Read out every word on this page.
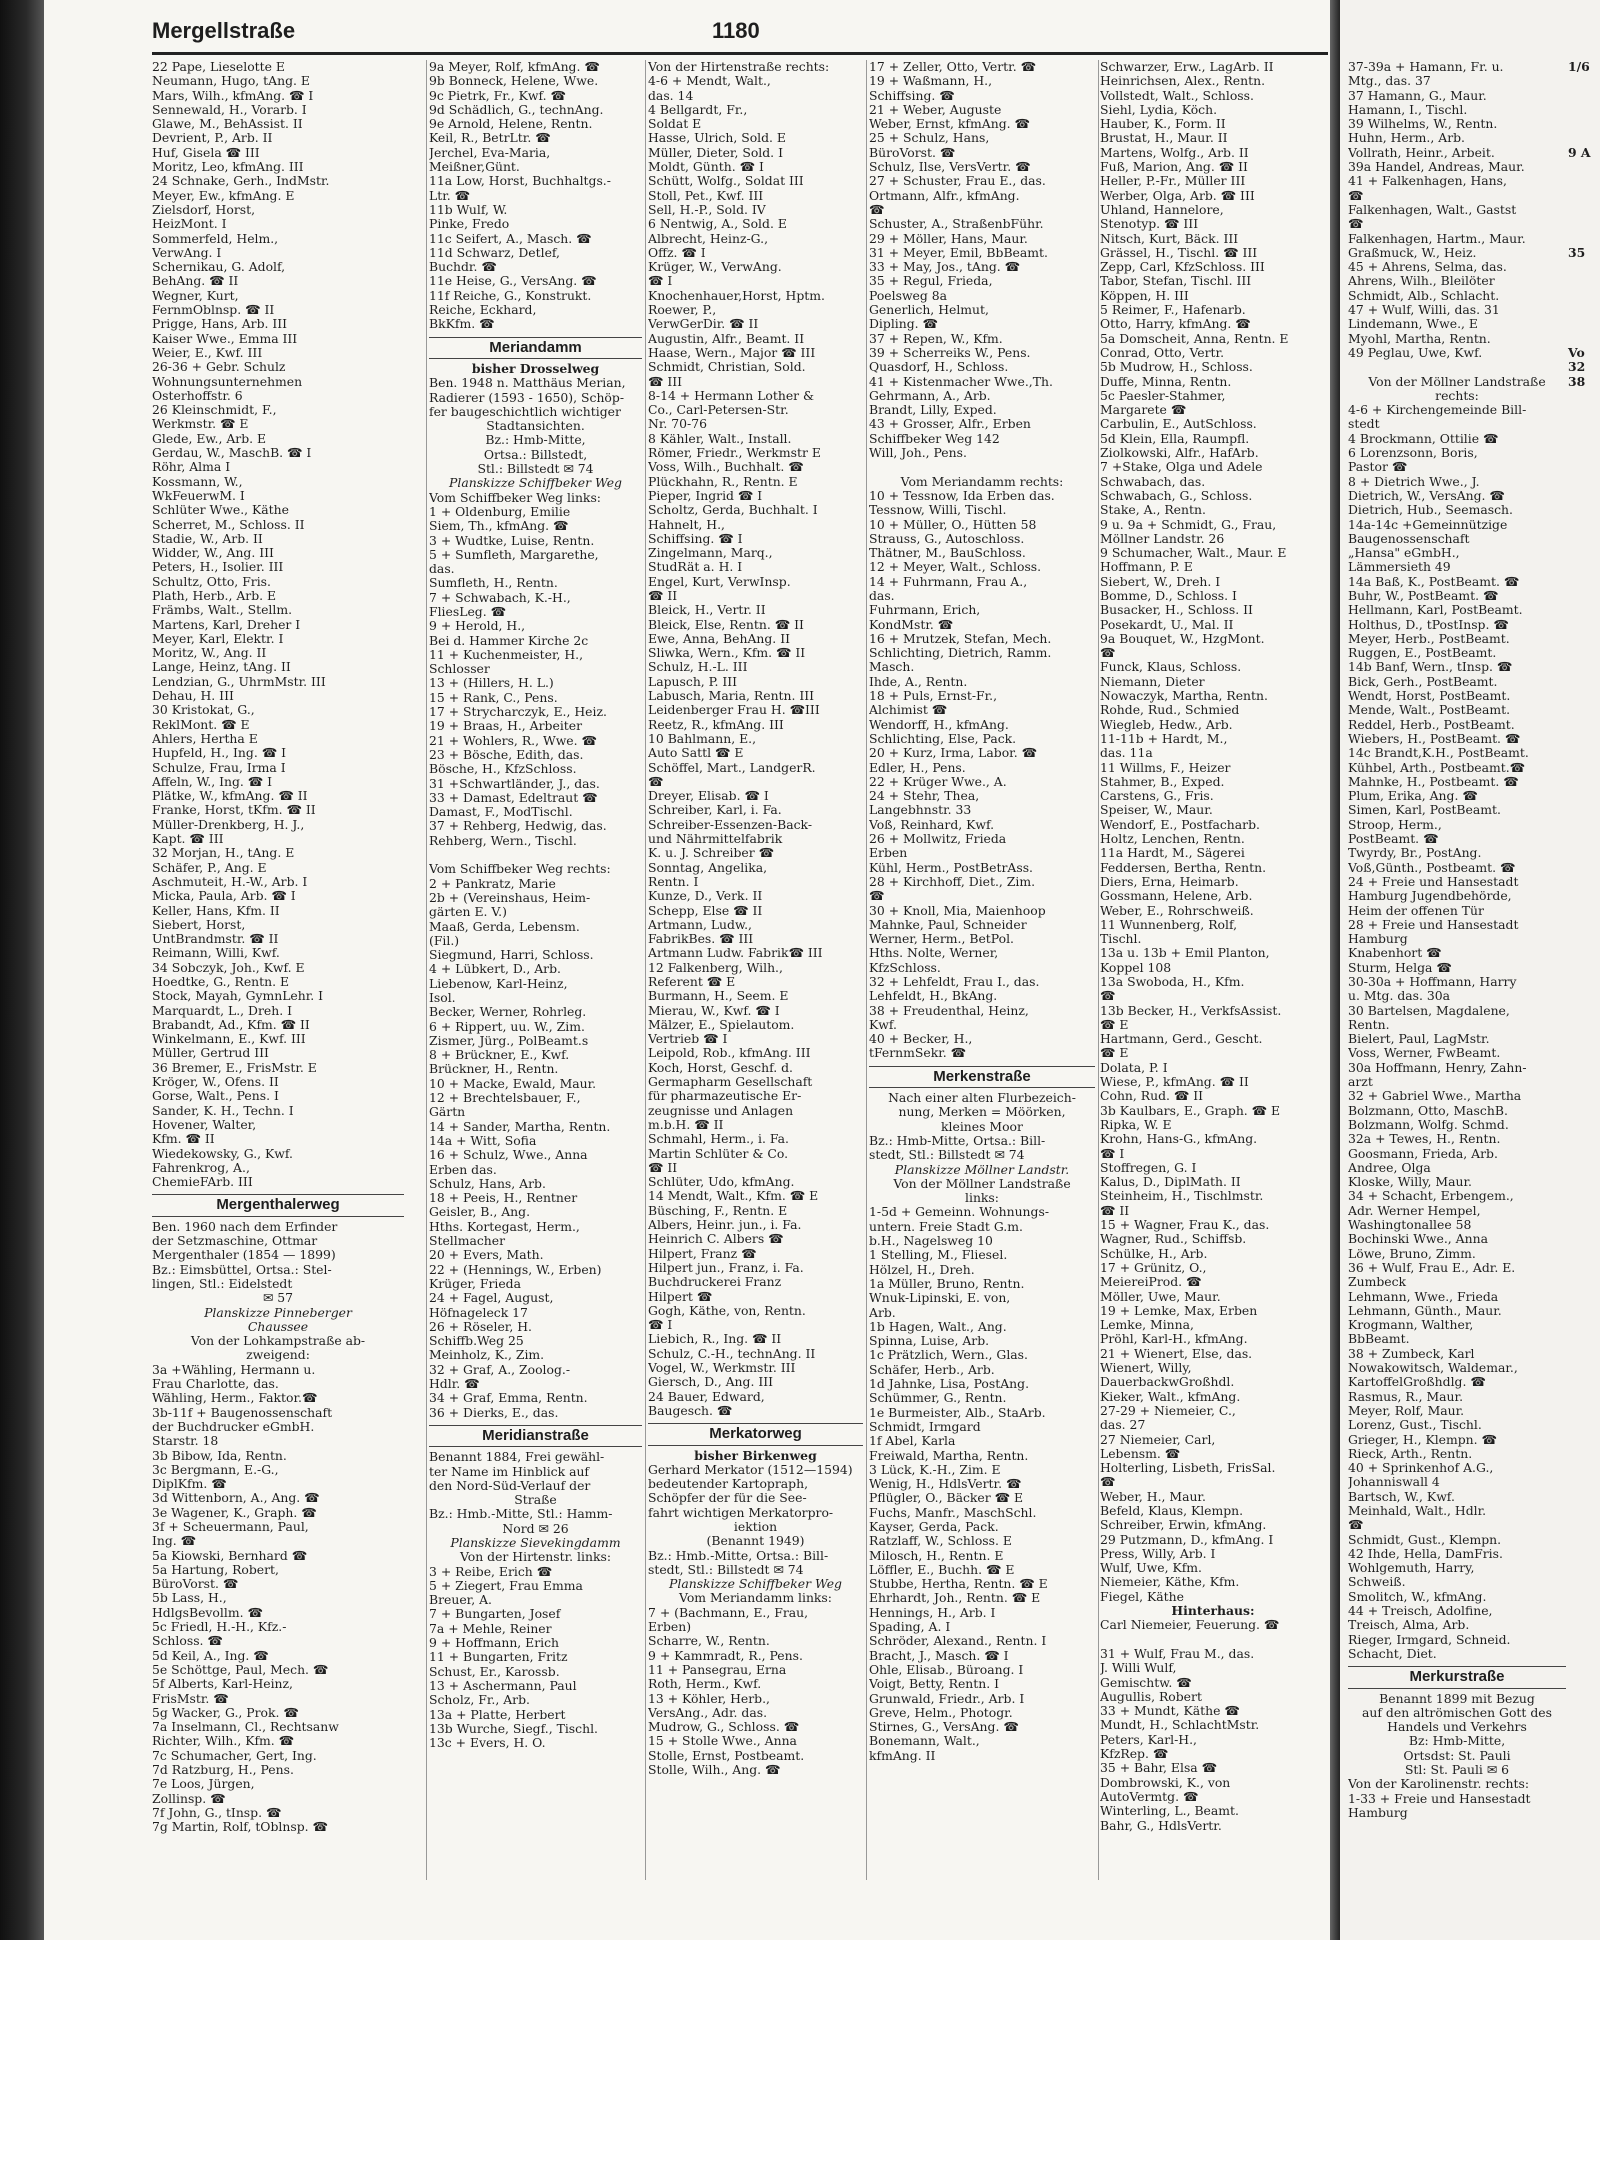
Mergellstraße	1180
22 Pape, Lieselotte E
Neumann, Hugo, tAng. E
Mars, Wilh., kfmAng. ☎ I
Sennewald, H., Vorarb. I
Glawe, M., BehAssist. II
Devrient, P., Arb. II
Huf, Gisela ☎ III
Moritz, Leo, kfmAng. III
24 Schnake, Gerh., IndMstr.
Meyer, Ew., kfmAng. E
Zielsdorf, Horst,
HeizMont. I
Sommerfeld, Helm.,
VerwAng. I
Schernikau, G. Adolf,
BehAng. ☎ II
Wegner, Kurt,
FernmOblnsp. ☎ II
Prigge, Hans, Arb. III
Kaiser Wwe., Emma III
Weier, E., Kwf. III
26-36 + Gebr. Schulz
Wohnungsunternehmen
Osterhoffstr. 6
26 Kleinschmidt, F.,
Werkmstr. ☎ E
Glede, Ew., Arb. E
Gerdau, W., MaschB. ☎ I
Röhr, Alma I
Kossmann, W.,
WkFeuerwM. I
Schlüter Wwe., Käthe
Scherret, M., Schloss. II
Stadie, W., Arb. II
Widder, W., Ang. III
Peters, H., Isolier. III
Schultz, Otto, Fris.
Plath, Herb., Arb. E
Främbs, Walt., Stellm.
Martens, Karl, Dreher I
Meyer, Karl, Elektr. I
Moritz, W., Ang. II
Lange, Heinz, tAng. II
Lendzian, G., UhrmMstr. III
Dehau, H. III
30 Kristokat, G.,
ReklMont. ☎ E
Ahlers, Hertha E
Hupfeld, H., Ing. ☎ I
Schulze, Frau, Irma I
Affeln, W., Ing. ☎ I
Plätke, W., kfmAng. ☎ II
Franke, Horst, tKfm. ☎ II
Müller-Drenkberg, H. J.,
Kapt. ☎ III
32 Morjan, H., tAng. E
Schäfer, P., Ang. E
Aschmuteit, H.-W., Arb. I
Micka, Paula, Arb. ☎ I
Keller, Hans, Kfm. II
Siebert, Horst,
UntBrandmstr. ☎ II
Reimann, Willi, Kwf.
34 Sobczyk, Joh., Kwf. E
Hoedtke, G., Rentn. E
Stock, Mayah, GymnLehr. I
Marquardt, L., Dreh. I
Brabandt, Ad., Kfm. ☎ II
Winkelmann, E., Kwf. III
Müller, Gertrud III
36 Bremer, E., FrisMstr. E
Kröger, W., Ofens. II
Gorse, Walt., Pens. I
Sander, K. H., Techn. I
Hovener, Walter,
Kfm. ☎ II
Wiedekowsky, G., Kwf.
Fahrenkrog, A.,
ChemieFArb. III
Mergenthalerweg
Ben. 1960 nach dem Erfinder
der Setzmaschine, Ottmar
Mergenthaler (1854 — 1899)
Bz.: Eimsbüttel, Ortsa.: Stel-
lingen, Stl.: Eidelstedt
✉ 57
Planskizze Pinneberger
Chaussee
Von der Lohkampstraße ab-
zweigend:
3a +Wähling, Hermann u.
Frau Charlotte, das.
Wähling, Herm., Faktor.☎
3b-11f + Baugenossenschaft
der Buchdrucker eGmbH.
Starstr. 18
3b Bibow, Ida, Rentn.
3c Bergmann, E.-G.,
DiplKfm. ☎
3d Wittenborn, A., Ang. ☎
3e Wagener, K., Graph. ☎
3f + Scheuermann, Paul,
Ing. ☎
5a Kiowski, Bernhard ☎
5a Hartung, Robert,
BüroVorst. ☎
5b Lass, H.,
HdlgsBevollm. ☎
5c Friedl, H.-H., Kfz.-
Schloss. ☎
5d Keil, A., Ing. ☎
5e Schöttge, Paul, Mech. ☎
5f Alberts, Karl-Heinz,
FrisMstr. ☎
5g Wacker, G., Prok. ☎
7a Inselmann, Cl., Rechtsanw
Richter, Wilh., Kfm. ☎
7c Schumacher, Gert, Ing.
7d Ratzburg, H., Pens.
7e Loos, Jürgen,
Zollinsp. ☎
7f John, G., tInsp. ☎
7g Martin, Rolf, tOblnsp. ☎
9a Meyer, Rolf, kfmAng. ☎
9b Bonneck, Helene, Wwe.
9c Pietrk, Fr., Kwf. ☎
9d Schädlich, G., technAng.
9e Arnold, Helene, Rentn.
Keil, R., BetrLtr. ☎
Jerchel, Eva-Maria,
Meißner,Günt.
11a Low, Horst, Buchhaltgs.-
Ltr. ☎
11b Wulf, W.
Pinke, Fredo
11c Seifert, A., Masch. ☎
11d Schwarz, Detlef,
Buchdr. ☎
11e Heise, G., VersAng. ☎
11f Reiche, G., Konstrukt.
Reiche, Eckhard,
BkKfm. ☎
Meriandamm
bisher Drosselweg
Ben. 1948 n. Matthäus Merian,
Radierer (1593 - 1650), Schöp-
fer baugeschichtlich wichtiger
Stadtansichten.
Bz.: Hmb-Mitte,
Ortsa.: Billstedt,
Stl.: Billstedt ✉ 74
Planskizze Schiffbeker Weg
Vom Schiffbeker Weg links:
1 + Oldenburg, Emilie
Siem, Th., kfmAng. ☎
3 + Wudtke, Luise, Rentn.
5 + Sumfleth, Margarethe,
das.
Sumfleth, H., Rentn.
7 + Schwabach, K.-H.,
FliesLeg. ☎
9 + Herold, H.,
Bei d. Hammer Kirche 2c
11 + Kuchenmeister, H.,
Schlosser
13 + (Hillers, H. L.)
15 + Rank, C., Pens.
17 + Strycharczyk, E., Heiz.
19 + Braas, H., Arbeiter
21 + Wohlers, R., Wwe. ☎
23 + Bösche, Edith, das.
Bösche, H., KfzSchloss.
31 +Schwartländer, J., das.
33 + Damast, Edeltraut ☎
Damast, F., ModTischl.
37 + Rehberg, Hedwig, das.
Rehberg, Wern., Tischl.

Vom Schiffbeker Weg rechts:
2 + Pankratz, Marie
2b + (Vereinshaus, Heim-
gärten E. V.)
Maaß, Gerda, Lebensm.
(Fil.)
Siegmund, Harri, Schloss.
4 + Lübkert, D., Arb.
Liebenow, Karl-Heinz,
Isol.
Becker, Werner, Rohrleg.
6 + Rippert, uu. W., Zim.
Zismer, Jürg., PolBeamt.s
8 + Brückner, E., Kwf.
Brückner, H., Rentn.
10 + Macke, Ewald, Maur.
12 + Brechtelsbauer, F.,
Gärtn
14 + Sander, Martha, Rentn.
14a + Witt, Sofia
16 + Schulz, Wwe., Anna
Erben das.
Schulz, Hans, Arb.
18 + Peeis, H., Rentner
Geisler, B., Ang.
Hths. Kortegast, Herm.,
Stellmacher
20 + Evers, Math.
22 + (Hennings, W., Erben)
Krüger, Frieda
24 + Fagel, August,
Höfnageleck 17
26 + Röseler, H.
Schiffb.Weg 25
Meinholz, K., Zim.
32 + Graf, A., Zoolog.-
Hdlr. ☎
34 + Graf, Emma, Rentn.
36 + Dierks, E., das.
Meridianstraße
Benannt 1884, Frei gewähl-
ter Name im Hinblick auf
den Nord-Süd-Verlauf der
Straße
Bz.: Hmb.-Mitte, Stl.: Hamm-
Nord ✉ 26
Planskizze Sievekingdamm
Von der Hirtenstr. links:
3 + Reibe, Erich ☎
5 + Ziegert, Frau Emma
Breuer, A.
7 + Bungarten, Josef
7a + Mehle, Reiner
9 + Hoffmann, Erich
11 + Bungarten, Fritz
Schust, Er., Karossb.
13 + Aschermann, Paul
Scholz, Fr., Arb.
13a + Platte, Herbert
13b Wurche, Siegf., Tischl.
13c + Evers, H. O.
Von der Hirtenstraße rechts:
4-6 + Mendt, Walt.,
das. 14
4 Bellgardt, Fr.,
Soldat E
Hasse, Ulrich, Sold. E
Müller, Dieter, Sold. I
Moldt, Günth. ☎ I
Schütt, Wolfg., Soldat III
Stoll, Pet., Kwf. III
Sell, H.-P., Sold. IV
6 Nentwig, A., Sold. E
Albrecht, Heinz-G.,
Offz. ☎ I
Krüger, W., VerwAng.
☎ I
Knochenhauer,Horst, Hptm.
Roewer, P.,
VerwGerDir. ☎ II
Augustin, Alfr., Beamt. II
Haase, Wern., Major ☎ III
Schmidt, Christian, Sold.
☎ III
8-14 + Hermann Lother &
Co., Carl-Petersen-Str.
Nr. 70-76
8 Kähler, Walt., Install.
Römer, Friedr., Werkmstr E
Voss, Wilh., Buchhalt. ☎
Plückhahn, R., Rentn. E
Pieper, Ingrid ☎ I
Scholtz, Gerda, Buchhalt. I
Hahnelt, H.,
Schiffsing. ☎ I
Zingelmann, Marq.,
StudRät a. H. I
Engel, Kurt, VerwInsp.
☎ II
Bleick, H., Vertr. II
Bleick, Else, Rentn. ☎ II
Ewe, Anna, BehAng. II
Sliwka, Wern., Kfm. ☎ II
Schulz, H.-L. III
Lapusch, P. III
Labusch, Maria, Rentn. III
Leidenberger Frau H. ☎III
Reetz, R., kfmAng. III
10 Bahlmann, E.,
Auto Sattl ☎ E
Schöffel, Mart., LandgerR.
☎
Dreyer, Elisab. ☎ I
Schreiber, Karl, i. Fa.
Schreiber-Essenzen-Back-
und Nährmittelfabrik
K. u. J. Schreiber ☎
Sonntag, Angelika,
Rentn. I
Kunze, D., Verk. II
Schepp, Else ☎ II
Artmann, Ludw.,
FabrikBes. ☎ III
Artmann Ludw. Fabrik☎ III
12 Falkenberg, Wilh.,
Referent ☎ E
Burmann, H., Seem. E
Mierau, W., Kwf. ☎ I
Mälzer, E., Spielautom.
Vertrieb ☎ I
Leipold, Rob., kfmAng. III
Koch, Horst, Geschf. d.
Germapharm Gesellschaft
für pharmazeutische Er-
zeugnisse und Anlagen
m.b.H. ☎ II
Schmahl, Herm., i. Fa.
Martin Schlüter & Co.
☎ II
Schlüter, Udo, kfmAng.
14 Mendt, Walt., Kfm. ☎ E
Büsching, F., Rentn. E
Albers, Heinr. jun., i. Fa.
Heinrich C. Albers ☎
Hilpert, Franz ☎
Hilpert jun., Franz, i. Fa.
Buchdruckerei Franz
Hilpert ☎
Gogh, Käthe, von, Rentn.
☎ I
Liebich, R., Ing. ☎ II
Schulz, C.-H., technAng. II
Vogel, W., Werkmstr. III
Giersch, D., Ang. III
24 Bauer, Edward,
Baugesch. ☎
Merkatorweg
bisher Birkenweg
Gerhard Merkator (1512—1594)
bedeutender Kartopraph,
Schöpfer der für die See-
fahrt wichtigen Merkatorpro-
iektion
(Benannt 1949)
Bz.: Hmb.-Mitte, Ortsa.: Bill-
stedt, Stl.: Billstedt ✉ 74
Planskizze Schiffbeker Weg
Vom Meriandamm links:
7 + (Bachmann, E., Frau,
Erben)
Scharre, W., Rentn.
9 + Kammradt, R., Pens.
11 + Pansegrau, Erna
Roth, Herm., Kwf.
13 + Köhler, Herb.,
VersAng., Adr. das.
Mudrow, G., Schloss. ☎
15 + Stolle Wwe., Anna
Stolle, Ernst, Postbeamt.
Stolle, Wilh., Ang. ☎
17 + Zeller, Otto, Vertr. ☎
19 + Waßmann, H.,
Schiffsing. ☎
21 + Weber, Auguste
Weber, Ernst, kfmAng. ☎
25 + Schulz, Hans,
BüroVorst. ☎
Schulz, Ilse, VersVertr. ☎
27 + Schuster, Frau E., das.
Ortmann, Alfr., kfmAng.
☎
Schuster, A., StraßenbFühr.
29 + Möller, Hans, Maur.
31 + Meyer, Emil, BbBeamt.
33 + May, Jos., tAng. ☎
35 + Regul, Frieda,
Poelsweg 8a
Generlich, Helmut,
Dipling. ☎
37 + Repen, W., Kfm.
39 + Scherreiks W., Pens.
Quasdorf, H., Schloss.
41 + Kistenmacher Wwe.,Th.
Gehrmann, A., Arb.
Brandt, Lilly, Exped.
43 + Grosser, Alfr., Erben
Schiffbeker Weg 142
Will, Joh., Pens.

Vom Meriandamm rechts:
10 + Tessnow, Ida Erben das.
Tessnow, Willi, Tischl.
10 + Müller, O., Hütten 58
Strauss, G., Autoschloss.
Thätner, M., BauSchloss.
12 + Meyer, Walt., Schloss.
14 + Fuhrmann, Frau A.,
das.
Fuhrmann, Erich,
KondMstr. ☎
16 + Mrutzek, Stefan, Mech.
Schlichting, Dietrich, Ramm.
Masch.
Ihde, A., Rentn.
18 + Puls, Ernst-Fr.,
Alchimist ☎
Wendorff, H., kfmAng.
Schlichting, Else, Pack.
20 + Kurz, Irma, Labor. ☎
Edler, H., Pens.
22 + Krüger Wwe., A.
24 + Stehr, Thea,
Langebhnstr. 33
Voß, Reinhard, Kwf.
26 + Mollwitz, Frieda
Erben
Kühl, Herm., PostBetrAss.
28 + Kirchhoff, Diet., Zim.
☎
30 + Knoll, Mia, Maienhoop
Mahnke, Paul, Schneider
Werner, Herm., BetPol.
Hths. Nolte, Werner,
KfzSchloss.
32 + Lehfeldt, Frau I., das.
Lehfeldt, H., BkAng.
38 + Freudenthal, Heinz,
Kwf.
40 + Becker, H.,
tFernmSekr. ☎
Merkenstraße
Nach einer alten Flurbezeich-
nung, Merken = Möörken,
kleines Moor
Bz.: Hmb-Mitte, Ortsa.: Bill-
stedt, Stl.: Billstedt ✉ 74
Planskizze Möllner Landstr.
Von der Möllner Landstraße
links:
1-5d + Gemeinn. Wohnungs-
untern. Freie Stadt G.m.
b.H., Nagelsweg 10
1 Stelling, M., Fliesel.
Hölzel, H., Dreh.
1a Müller, Bruno, Rentn.
Wnuk-Lipinski, E. von,
Arb.
1b Hagen, Walt., Ang.
Spinna, Luise, Arb.
1c Prätzlich, Wern., Glas.
Schäfer, Herb., Arb.
1d Jahnke, Lisa, PostAng.
Schümmer, G., Rentn.
1e Burmeister, Alb., StaArb.
Schmidt, Irmgard
1f Abel, Karla
Freiwald, Martha, Rentn.
3 Lück, K.-H., Zim. E
Wenig, H., HdlsVertr. ☎
Pflügler, O., Bäcker ☎ E
Fuchs, Manfr., MaschSchl.
Kayser, Gerda, Pack.
Ratzlaff, W., Schloss. E
Milosch, H., Rentn. E
Löffler, E., Buchh. ☎ E
Stubbe, Hertha, Rentn. ☎ E
Ehrhardt, Joh., Rentn. ☎ E
Hennings, H., Arb. I
Spading, A. I
Schröder, Alexand., Rentn. I
Bracht, J., Masch. ☎ I
Ohle, Elisab., Büroang. I
Voigt, Betty, Rentn. I
Grunwald, Friedr., Arb. I
Greve, Helm., Photogr.
Stirnes, G., VersAng. ☎
Bonemann, Walt.,
kfmAng. II
Schwarzer, Erw., LagArb. II
Heinrichsen, Alex., Rentn.
Vollstedt, Walt., Schloss.
Siehl, Lydia, Köch.
Hauber, K., Form. II
Brustat, H., Maur. II
Martens, Wolfg., Arb. II
Fuß, Marion, Ang. ☎ II
Heller, P.-Fr., Müller III
Werber, Olga, Arb. ☎ III
Uhland, Hannelore,
Stenotyp. ☎ III
Nitsch, Kurt, Bäck. III
Grässel, H., Tischl. ☎ III
Zepp, Carl, KfzSchloss. III
Tabor, Stefan, Tischl. III
Köppen, H. III
5 Reimer, F., Hafenarb.
Otto, Harry, kfmAng. ☎
5a Domscheit, Anna, Rentn. E
Conrad, Otto, Vertr.
5b Mudrow, H., Schloss.
Duffe, Minna, Rentn.
5c Paesler-Stahmer,
Margarete ☎
Carbulin, E., AutSchloss.
5d Klein, Ella, Raumpfl.
Ziolkowski, Alfr., HafArb.
7 +Stake, Olga und Adele
Schwabach, das.
Schwabach, G., Schloss.
Stake, A., Rentn.
9 u. 9a + Schmidt, G., Frau,
Möllner Landstr. 26
9 Schumacher, Walt., Maur. E
Hoffmann, P. E
Siebert, W., Dreh. I
Bomme, D., Schloss. I
Busacker, H., Schloss. II
Posekardt, U., Mal. II
9a Bouquet, W., HzgMont.
☎
Funck, Klaus, Schloss.
Niemann, Dieter
Nowaczyk, Martha, Rentn.
Rohde, Rud., Schmied
Wiegleb, Hedw., Arb.
11-11b + Hardt, M.,
das. 11a
11 Willms, F., Heizer
Stahmer, B., Exped.
Carstens, G., Fris.
Speiser, W., Maur.
Wendorf, E., Postfacharb.
Holtz, Lenchen, Rentn.
11a Hardt, M., Sägerei
Feddersen, Bertha, Rentn.
Diers, Erna, Heimarb.
Gossmann, Helene, Arb.
Weber, E., Rohrschweiß.
11 Wunnenberg, Rolf,
Tischl.
13a u. 13b + Emil Planton,
Koppel 108
13a Swoboda, H., Kfm.
☎
13b Becker, H., VerkfsAssist.
☎ E
Hartmann, Gerd., Gescht.
☎ E
Dolata, P. I
Wiese, P., kfmAng. ☎ II
Cohn, Rud. ☎ II
3b Kaulbars, E., Graph. ☎ E
Ripka, W. E
Krohn, Hans-G., kfmAng.
☎ I
Stoffregen, G. I
Kalus, D., DiplMath. II
Steinheim, H., Tischlmstr.
☎ II
15 + Wagner, Frau K., das.
Wagner, Rud., Schiffsb.
Schülke, H., Arb.
17 + Grünitz, O.,
MeiereiProd. ☎
Möller, Uwe, Maur.
19 + Lemke, Max, Erben
Lemke, Minna,
Pröhl, Karl-H., kfmAng.
21 + Wienert, Else, das.
Wienert, Willy,
DauerbackwGroßhdl.
Kieker, Walt., kfmAng.
27-29 + Niemeier, C.,
das. 27
27 Niemeier, Carl,
Lebensm. ☎
Holterling, Lisbeth, FrisSal.
☎
Weber, H., Maur.
Befeld, Klaus, Klempn.
Schreiber, Erwin, kfmAng.
29 Putzmann, D., kfmAng. I
Press, Willy, Arb. I
Wulf, Uwe, Kfm.
Niemeier, Käthe, Kfm.
Fiegel, Käthe
Hinterhaus:
Carl Niemeier, Feuerung. ☎

31 + Wulf, Frau M., das.
J. Willi Wulf,
Gemischtw. ☎
Augullis, Robert
33 + Mundt, Käthe ☎
Mundt, H., SchlachtMstr.
Peters, Karl-H.,
KfzRep. ☎
35 + Bahr, Elsa ☎
Dombrowski, K., von
AutoVermtg. ☎
Winterling, L., Beamt.
Bahr, G., HdlsVertr.
37-39a + Hamann, Fr. u.
Mtg., das. 37
37 Hamann, G., Maur.
Hamann, I., Tischl.
39 Wilhelms, W., Rentn.
Huhn, Herm., Arb.
Vollrath, Heinr., Arbeit.
39a Handel, Andreas, Maur.
41 + Falkenhagen, Hans,
☎
Falkenhagen, Walt., Gastst
☎
Falkenhagen, Hartm., Maur.
Graßmuck, W., Heiz.
45 + Ahrens, Selma, das.
Ahrens, Wilh., Bleilöter
Schmidt, Alb., Schlacht.
47 + Wulf, Willi, das. 31
Lindemann, Wwe., E
Myohl, Martha, Rentn.
49 Peglau, Uwe, Kwf.

Von der Möllner Landstraße
rechts:
4-6 + Kirchengemeinde Bill-
stedt
4 Brockmann, Ottilie ☎
6 Lorenzsonn, Boris,
Pastor ☎
8 + Dietrich Wwe., J.
Dietrich, W., VersAng. ☎
Dietrich, Hub., Seemasch.
14a-14c +Gemeinnützige
Baugenossenschaft
„Hansa" eGmbH.,
Lämmersieth 49
14a Baß, K., PostBeamt. ☎
Buhr, W., PostBeamt. ☎
Hellmann, Karl, PostBeamt.
Holthus, D., tPostInsp. ☎
Meyer, Herb., PostBeamt.
Ruggen, E., PostBeamt.
14b Banf, Wern., tInsp. ☎
Bick, Gerh., PostBeamt.
Wendt, Horst, PostBeamt.
Mende, Walt., PostBeamt.
Reddel, Herb., PostBeamt.
Wiebers, H., PostBeamt. ☎
14c Brandt,K.H., PostBeamt.
Kühbel, Arth., Postbeamt.☎
Mahnke, H., Postbeamt. ☎
Plum, Erika, Ang. ☎
Simen, Karl, PostBeamt.
Stroop, Herm.,
PostBeamt. ☎
Twyrdy, Br., PostAng.
Voß,Günth., Postbeamt. ☎
24 + Freie und Hansestadt
Hamburg Jugendbehörde,
Heim der offenen Tür
28 + Freie und Hansestadt
Hamburg
Knabenhort ☎
Sturm, Helga ☎
30-30a + Hoffmann, Harry
u. Mtg. das. 30a
30 Bartelsen, Magdalene,
Rentn.
Bielert, Paul, LagMstr.
Voss, Werner, FwBeamt.
30a Hoffmann, Henry, Zahn-
arzt
32 + Gabriel Wwe., Martha
Bolzmann, Otto, MaschB.
Bolzmann, Wolfg. Schmd.
32a + Tewes, H., Rentn.
Goosmann, Frieda, Arb.
Andree, Olga
Kloske, Willy, Maur.
34 + Schacht, Erbengem.,
Adr. Werner Hempel,
Washingtonallee 58
Bochinski Wwe., Anna
Löwe, Bruno, Zimm.
36 + Wulf, Frau E., Adr. E.
Zumbeck
Lehmann, Wwe., Frieda
Lehmann, Günth., Maur.
Krogmann, Walther,
BbBeamt.
38 + Zumbeck, Karl
Nowakowitsch, Waldemar.,
KartoffelGroßhdlg. ☎
Rasmus, R., Maur.
Meyer, Rolf, Maur.
Lorenz, Gust., Tischl.
Grieger, H., Klempn. ☎
Rieck, Arth., Rentn.
40 + Sprinkenhof A.G.,
Johanniswall 4
Bartsch, W., Kwf.
Meinhald, Walt., Hdlr.
☎
Schmidt, Gust., Klempn.
42 Ihde, Hella, DamFris.
Wohlgemuth, Harry,
Schweiß.
Smolitch, W., kfmAng.
44 + Treisch, Adolfine,
Treisch, Alma, Arb.
Rieger, Irmgard, Schneid.
Schacht, Diet.
Merkurstraße
Benannt 1899 mit Bezug
auf den altrömischen Gott des
Handels und Verkehrs
Bz: Hmb-Mitte,
Ortsdst: St. Pauli
Stl: St. Pauli ✉ 6
Von der Karolinenstr. rechts:
1-33 + Freie und Hansestadt
Hamburg
1/6

9 A

35

Vo
32
38
